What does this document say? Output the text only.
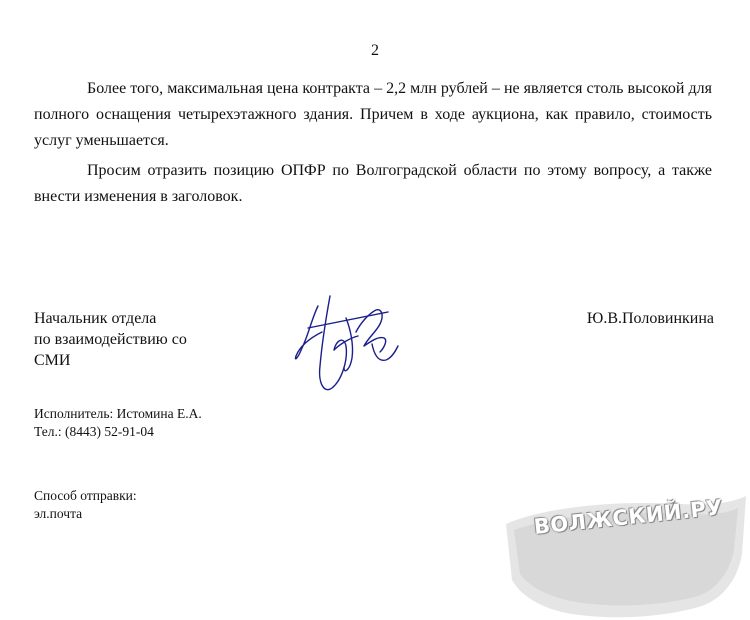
2

Более того, максимальная цена контракта – 2,2 млн рублей – не является столь высокой для полного оснащения четырехэтажного здания. Причем в ходе аукциона, как правило, стоимость услуг уменьшается.

Просим отразить позицию ОПФР по Волгоградской области по этому вопросу, а также внести изменения в заголовок.

Начальник отдела
по взаимодействию со
СМИ
Ю.В.Половинкина
Исполнитель: Истомина Е.А.
Тел.: (8443) 52-91-04
Способ отправки:
эл.почта	ВОЛЖСКИЙ.РУ
